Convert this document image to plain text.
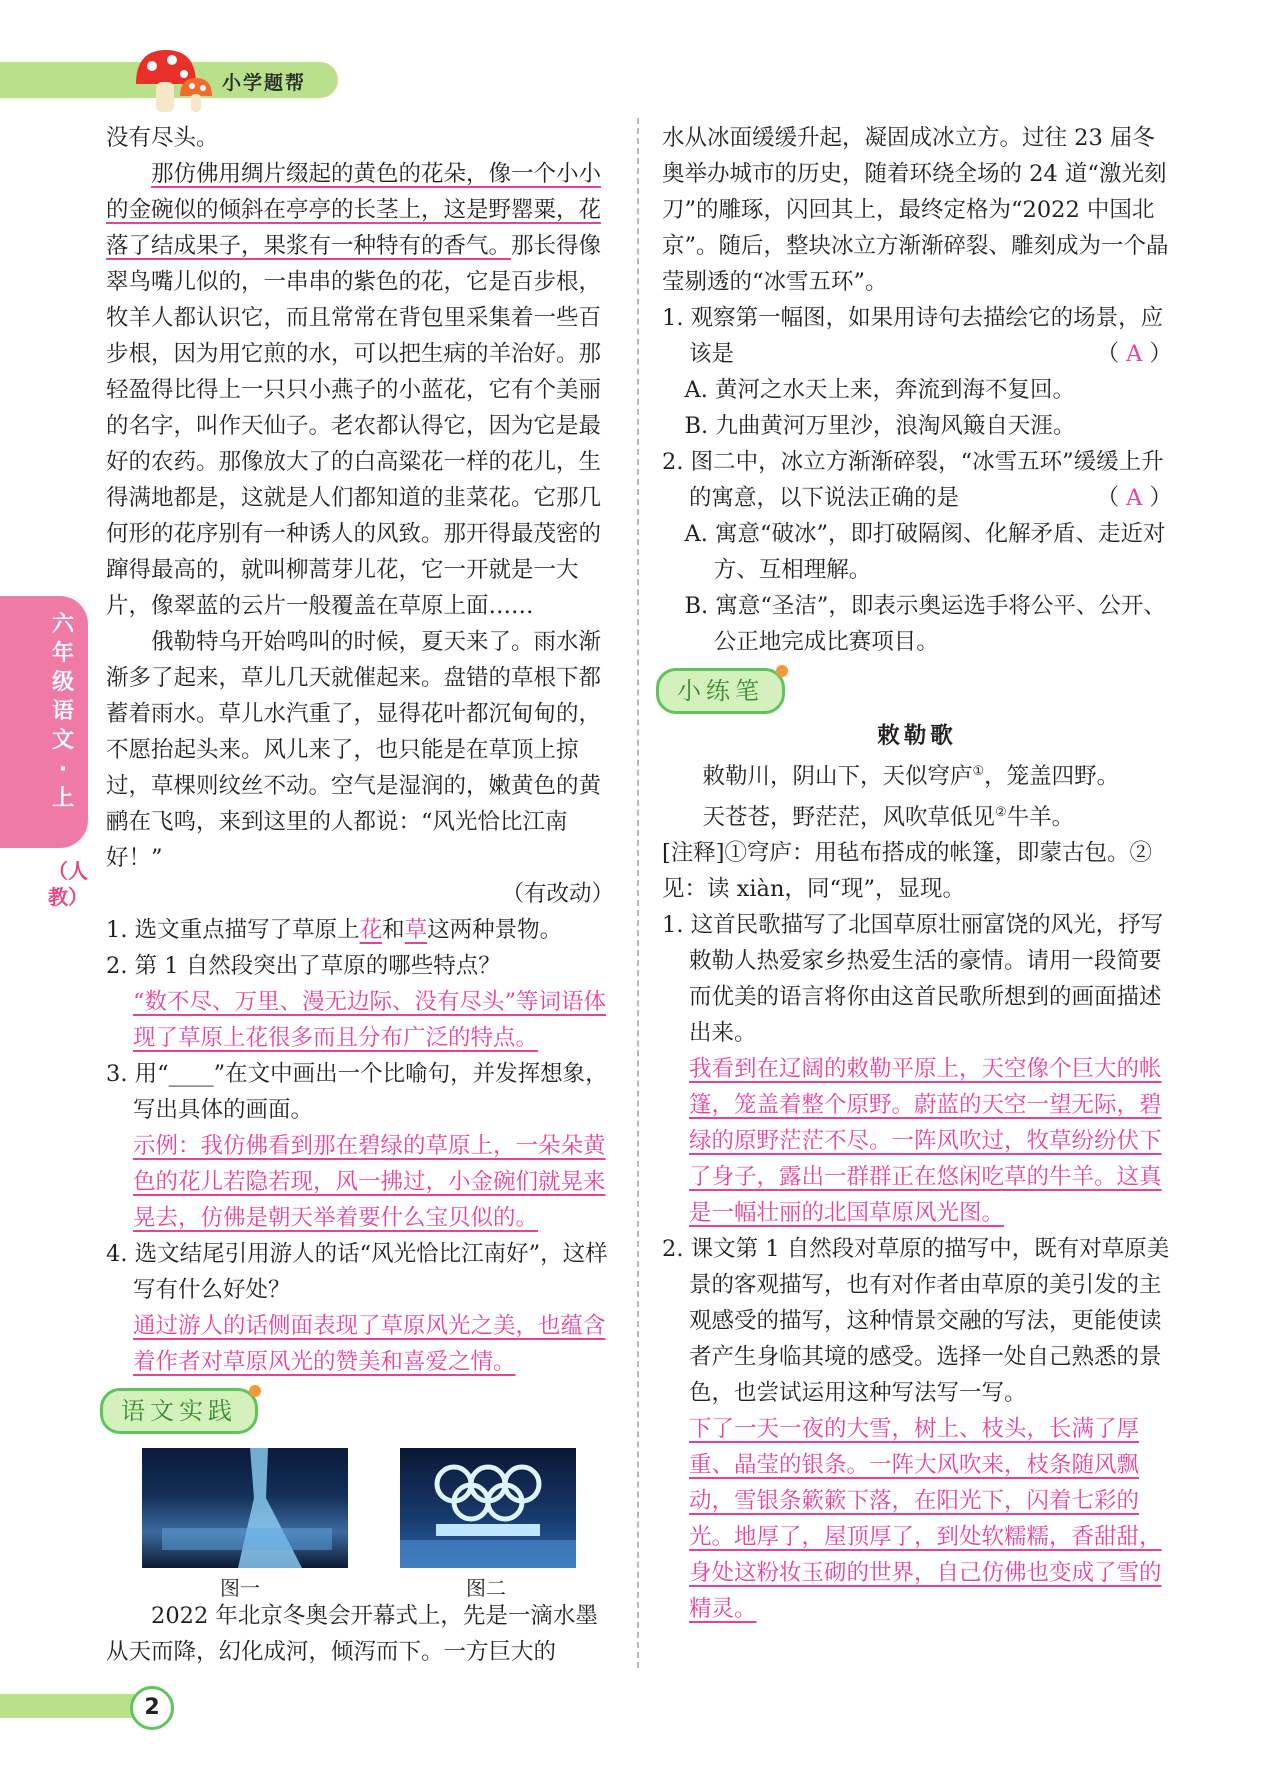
小学题帮
六年级语文·上
（人教）

没有尽头。

那仿佛用绸片缀起的黄色的花朵，像一个小小的金碗似的倾斜在亭亭的长茎上，这是野罂粟，花落了结成果子，果浆有一种特有的香气。那长得像翠鸟嘴儿似的，一串串的紫色的花，它是百步根，牧羊人都认识它，而且常常在背包里采集着一些百步根，因为用它煎的水，可以把生病的羊治好。那轻盈得比得上一只只小燕子的小蓝花，它有个美丽的名字，叫作天仙子。老农都认得它，因为它是最好的农药。那像放大了的白高粱花一样的花儿，生得满地都是，这就是人们都知道的韭菜花。它那几何形的花序别有一种诱人的风致。那开得最茂密的蹿得最高的，就叫柳蒿芽儿花，它一开就是一大片，像翠蓝的云片一般覆盖在草原上面……

俄勒特乌开始鸣叫的时候，夏天来了。雨水渐渐多了起来，草儿几天就催起来。盘错的草根下都蓄着雨水。草儿水汽重了，显得花叶都沉甸甸的，不愿抬起头来。风儿来了，也只能是在草顶上掠过，草棵则纹丝不动。空气是湿润的，嫩黄色的黄鹂在飞鸣，来到这里的人都说：“风光恰比江南好！”

（有改动）

1. 选文重点描写了草原上花和草这两种景物。

2. 第 1 自然段突出了草原的哪些特点？

“数不尽、万里、漫无边际、没有尽头”等词语体现了草原上花很多而且分布广泛的特点。

3. 用“____”在文中画出一个比喻句，并发挥想象，写出具体的画面。

示例：我仿佛看到那在碧绿的草原上，一朵朵黄色的花儿若隐若现，风一拂过，小金碗们就晃来晃去，仿佛是朝天举着要什么宝贝似的。

4. 选文结尾引用游人的话“风光恰比江南好”，这样写有什么好处？

通过游人的话侧面表现了草原风光之美，也蕴含着作者对草原风光的赞美和喜爱之情。

语文实践
图一	图二

2022 年北京冬奥会开幕式上，先是一滴水墨从天而降，幻化成河，倾泻而下。一方巨大的

水从冰面缓缓升起，凝固成冰立方。过往 23 届冬奥举办城市的历史，随着环绕全场的 24 道“激光刻刀”的雕琢，闪回其上，最终定格为“2022 中国北京”。随后，整块冰立方渐渐碎裂、雕刻成为一个晶莹剔透的“冰雪五环”。

1. 观察第一幅图，如果用诗句去描绘它的场景，应该是	（ A ）

A. 黄河之水天上来，奔流到海不复回。

B. 九曲黄河万里沙，浪淘风簸自天涯。

2. 图二中，冰立方渐渐碎裂，“冰雪五环”缓缓上升的寓意，以下说法正确的是	（ A ）

A. 寓意“破冰”，即打破隔阂、化解矛盾、走近对方、互相理解。

B. 寓意“圣洁”，即表示奥运选手将公平、公开、公正地完成比赛项目。

小练笔

敕勒歌

敕勒川，阴山下，天似穹庐①，笼盖四野。

天苍苍，野茫茫，风吹草低见②牛羊。

[注释]①穹庐：用毡布搭成的帐篷，即蒙古包。②见：读 xiàn，同“现”，显现。

1. 这首民歌描写了北国草原壮丽富饶的风光，抒写敕勒人热爱家乡热爱生活的豪情。请用一段简要而优美的语言将你由这首民歌所想到的画面描述出来。

我看到在辽阔的敕勒平原上，天空像个巨大的帐篷，笼盖着整个原野。蔚蓝的天空一望无际，碧绿的原野茫茫不尽。一阵风吹过，牧草纷纷伏下了身子，露出一群群正在悠闲吃草的牛羊。这真是一幅壮丽的北国草原风光图。

2. 课文第 1 自然段对草原的描写中，既有对草原美景的客观描写，也有对作者由草原的美引发的主观感受的描写，这种情景交融的写法，更能使读者产生身临其境的感受。选择一处自己熟悉的景色，也尝试运用这种写法写一写。

下了一天一夜的大雪，树上、枝头，长满了厚重、晶莹的银条。一阵大风吹来，枝条随风飘动，雪银条簌簌下落，在阳光下，闪着七彩的光。地厚了，屋顶厚了，到处软糯糯，香甜甜，身处这粉妆玉砌的世界，自己仿佛也变成了雪的精灵。

2
